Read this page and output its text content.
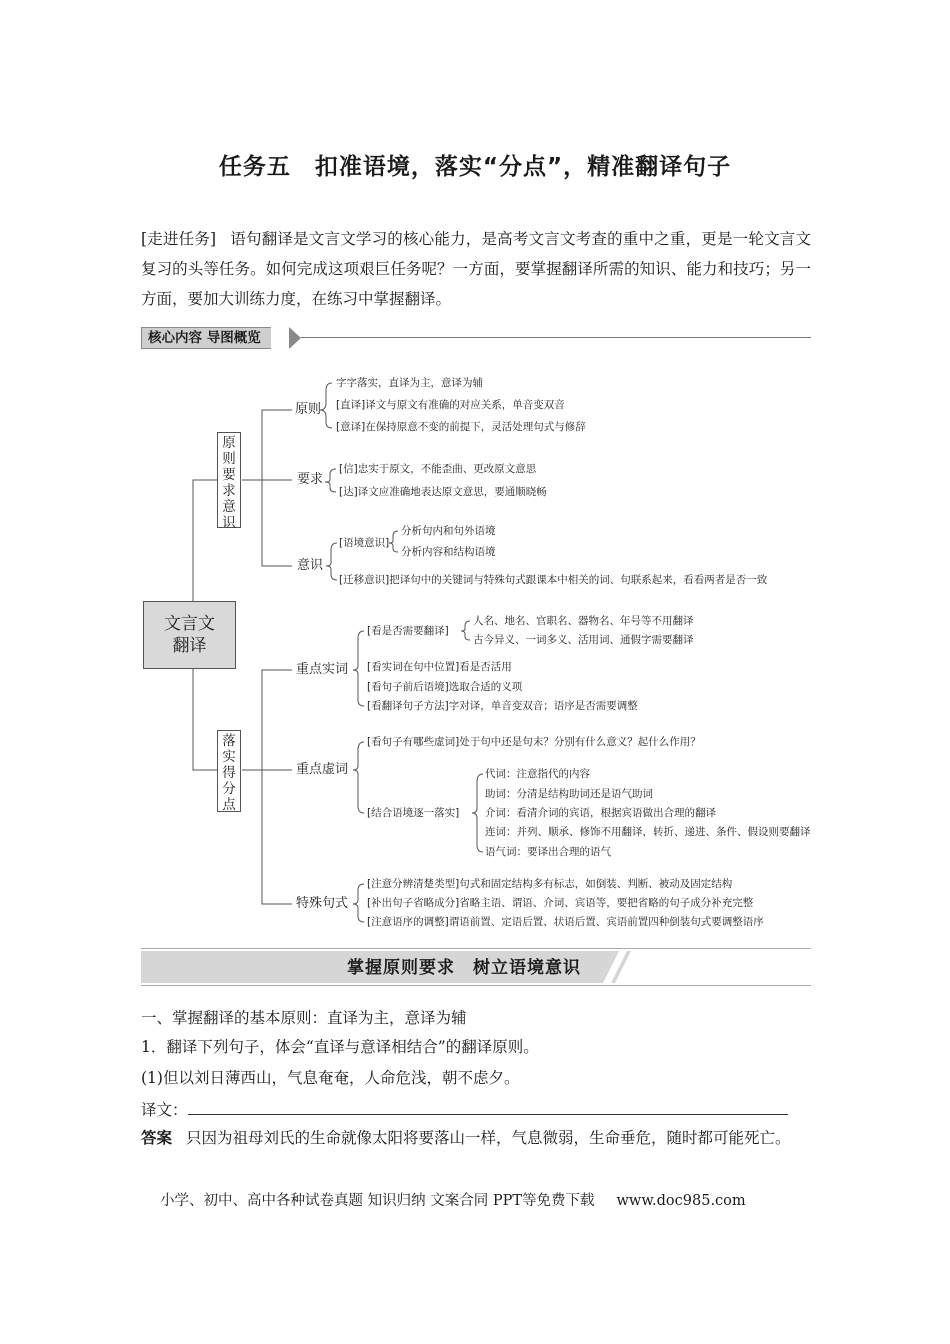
任务五　扣准语境，落实“分点”，精准翻译句子
[走进任务] 语句翻译是文言文学习的核心能力，是高考文言文考查的重中之重，更是一轮文言文复习的头等任务。如何完成这项艰巨任务呢？一方面，要掌握翻译所需的知识、能力和技巧；另一方面，要加大训练力度，在练习中掌握翻译。
核心内容 导图概览
文言文
翻译
原
则
要
求
意
识
落
实
得
分
点
原则
字字落实，直译为主，意译为辅
[直译]译文与原文有准确的对应关系，单音变双音
[意译]在保持原意不变的前提下，灵活处理句式与修辞
要求
[信]忠实于原文，不能歪曲、更改原文意思
[达]译文应准确地表达原文意思，要通顺晓畅
意识
[语境意识]
分析句内和句外语境
分析内容和结构语境
[迁移意识]把译句中的关键词与特殊句式跟课本中相关的词、句联系起来，看看两者是否一致
重点实词
[看是否需要翻译]
人名、地名、官职名、器物名、年号等不用翻译
古今异义、一词多义、活用词、通假字需要翻译
[看实词在句中位置]看是否活用
[看句子前后语境]选取合适的义项
[看翻译句子方法]字对译，单音变双音；语序是否需要调整
重点虚词
[看句子有哪些虚词]处于句中还是句末？分别有什么意义？起什么作用？
[结合语境逐一落实]
代词：注意指代的内容
助词：分清是结构助词还是语气助词
介词：看清介词的宾语，根据宾语做出合理的翻译
连词：并列、顺承、修饰不用翻译，转折、递进、条件、假设则要翻译
语气词：要译出合理的语气
特殊句式
[注意分辨清楚类型]句式和固定结构多有标志，如倒装、判断、被动及固定结构
[补出句子省略成分]省略主语、谓语、介词、宾语等，要把省略的句子成分补充完整
[注意语序的调整]谓语前置、定语后置、状语后置、宾语前置四种倒装句式要调整语序
掌握原则要求　树立语境意识
一、掌握翻译的基本原则：直译为主，意译为辅
1．翻译下列句子，体会“直译与意译相结合”的翻译原则。
(1)但以刘日薄西山，气息奄奄，人命危浅，朝不虑夕。
译文：
答案 只因为祖母刘氏的生命就像太阳将要落山一样，气息微弱，生命垂危，随时都可能死亡。
小学、初中、高中各种试卷真题 知识归纳 文案合同 PPT等免费下载 www.doc985.com
